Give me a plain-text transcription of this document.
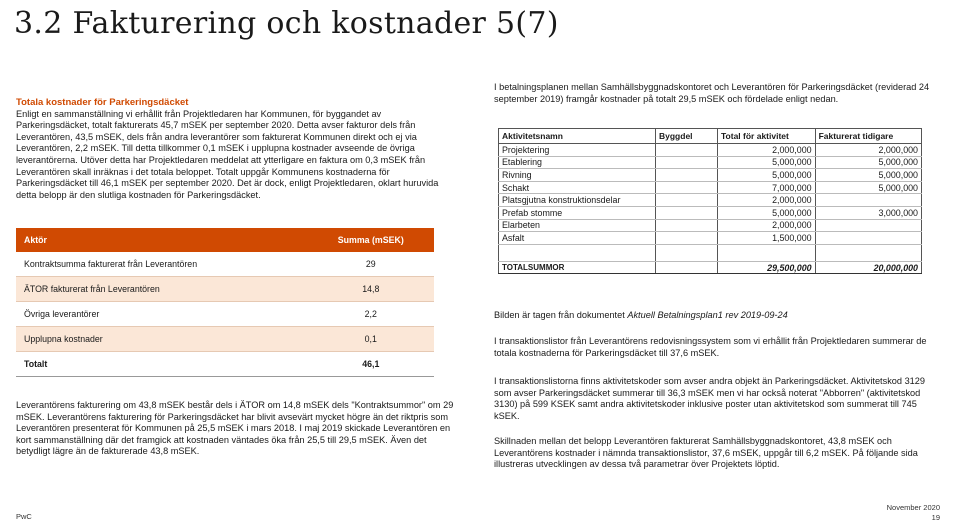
3.2 Fakturering och kostnader 5(7)
Totala kostnader för Parkeringsdäcket

Enligt en sammanställning vi erhållit från Projektledaren har Kommunen, för byggandet av Parkeringsdäcket, totalt fakturerats 45,7 mSEK per september 2020. Detta avser fakturor dels från Leverantören, 43,5 mSEK, dels från andra leverantörer som fakturerat Kommunen direkt och ej via Leverantören, 2,2 mSEK. Till detta tillkommer 0,1 mSEK i upplupna kostnader avseende de övriga leverantörerna. Utöver detta har Projektledaren meddelat att ytterligare en faktura om 0,3 mSEK från Leverantören skall inräknas i det totala beloppet. Totalt uppgår Kommunens kostnaderna för Parkeringsdäcket till 46,1 mSEK per september 2020. Det är dock, enligt Projektledaren, oklart huruvida detta belopp är den slutliga kostnaden för Parkeringsdäcket.

Aktör	Summa (mSEK)
Kontraktsumma fakturerat från Leverantören	29
ÄTOR fakturerat från Leverantören	14,8
Övriga leverantörer	2,2
Upplupna kostnader	0,1
Totalt	46,1

Leverantörens fakturering om 43,8 mSEK består dels i ÄTOR om 14,8 mSEK dels "Kontraktsummor" om 29 mSEK. Leverantörens fakturering för Parkeringsdäcket har blivit avsevärt mycket högre än det riktpris som Leverantören presenterat för Kommunen på 25,5 mSEK i mars 2018. I maj 2019 skickade Leverantören en kort sammanställning där det framgick att kostnaden väntades öka från 25,5 till 29,5 mSEK. Även det betydligt lägre än de fakturerade 43,8 mSEK.

I betalningsplanen mellan Samhällsbyggnadskontoret och Leverantören för Parkeringsdäcket (reviderad 24 september 2019) framgår kostnader på totalt 29,5 mSEK och fördelade enligt nedan.

Aktivitetsnamn	Byggdel	Total för aktivitet	Fakturerat tidigare
Projektering		2,000,000	2,000,000
Etablering		5,000,000	5,000,000
Rivning		5,000,000	5,000,000
Schakt		7,000,000	5,000,000
Platsgjutna konstruktionsdelar		2,000,000	
Prefab stomme		5,000,000	3,000,000
Elarbeten		2,000,000	
Asfalt		1,500,000	

TOTALSUMMOR		29,500,000	20,000,000
Bilden är tagen från dokumentet Aktuell Betalningsplan1 rev 2019-09-24

I transaktionslistor från Leverantörens redovisningssystem som vi erhållit från Projektledaren summerar de totala kostnaderna för Parkeringsdäcket till 37,6 mSEK.

I transaktionslistorna finns aktivitetskoder som avser andra objekt än Parkeringsdäcket. Aktivitetskod 3129 som avser Parkeringsdäcket summerar till 36,3 mSEK men vi har också noterat "Abborren" (aktivitetskod 3130) på 599 KSEK samt andra aktivitetskoder inklusive poster utan aktivitetskod som summerat till 745 kSEK.

Skillnaden mellan det belopp Leverantören fakturerat Samhällsbyggnadskontoret, 43,8 mSEK och Leverantörens kostnader i nämnda transaktionslistor, 37,6 mSEK, uppgår till 6,2 mSEK. På följande sida illustreras utvecklingen av dessa två parametrar över Projektets löptid.

PwC
November 2020
19
